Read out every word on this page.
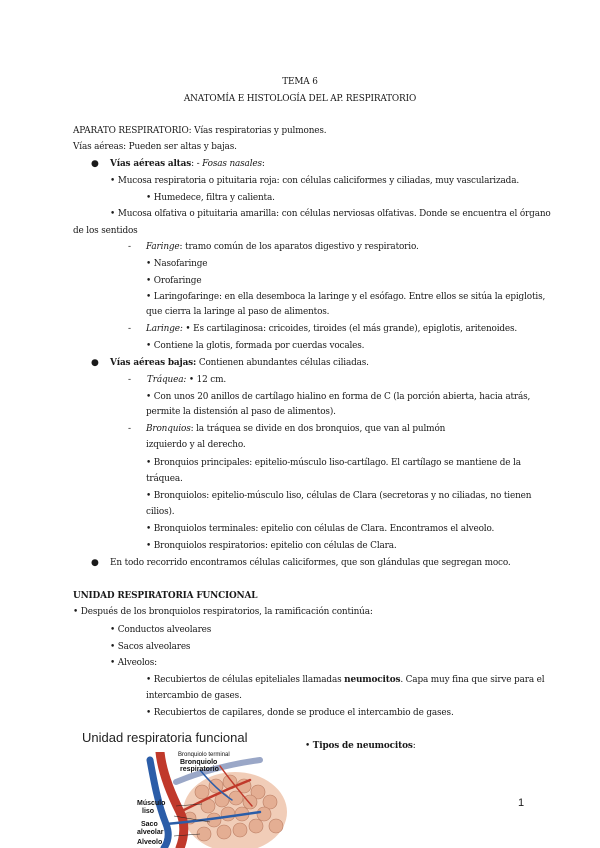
TEMA 6
ANATOMÍA E HISTOLOGÍA DEL AP. RESPIRATORIO
APARATO RESPIRATORIO: Vías respiratorias y pulmones.
Vías aéreas: Pueden ser altas y bajas.
● Vías aéreas altas: - Fosas nasales:
• Mucosa respiratoria o pituitaria roja: con células caliciformes y ciliadas, muy vascularizada.
• Humedece, filtra y calienta.
• Mucosa olfativa o pituitaria amarilla: con células nerviosas olfativas. Donde se encuentra el órgano
de los sentidos
- Faringe: tramo común de los aparatos digestivo y respiratorio.
• Nasofaringe
• Orofaringe
• Laringofaringe: en ella desemboca la laringe y el esófago. Entre ellos se sitúa la epiglotis,
que cierra la laringe al paso de alimentos.
- Laringe: • Es cartilaginosa: cricoides, tiroides (el más grande), epiglotis, aritenoides.
• Contiene la glotis, formada por cuerdas vocales.
● Vías aéreas bajas: Contienen abundantes células ciliadas.
- Tráquea: • 12 cm.
• Con unos 20 anillos de cartílago hialino en forma de C (la porción abierta, hacia atrás,
permite la distensión al paso de alimentos).
- Bronquios: la tráquea se divide en dos bronquios, que van al pulmón
izquierdo y al derecho.
• Bronquios principales: epitelio-músculo liso-cartílago. El cartílago se mantiene de la
tráquea.
• Bronquiolos: epitelio-músculo liso, células de Clara (secretoras y no ciliadas, no tienen
cilios).
• Bronquiolos terminales: epitelio con células de Clara. Encontramos el alveolo.
• Bronquiolos respiratorios: epitelio con células de Clara.
● En todo recorrido encontramos células caliciformes, que son glándulas que segregan moco.
UNIDAD RESPIRATORIA FUNCIONAL
• Después de los bronquiolos respiratorios, la ramificación continúa:
• Conductos alveolares
• Sacos alveolares
• Alveolos:
• Recubiertos de células epiteliales llamadas neumocitos. Capa muy fina que sirve para el
intercambio de gases.
• Recubiertos de capilares, donde se produce el intercambio de gases.
Unidad respiratoria funcional
• Tipos de neumocitos:
Bronquiolo terminal
Bronquiolo
respiratorio
Músculo
liso
Saco
alveolar
Alveolo
1
